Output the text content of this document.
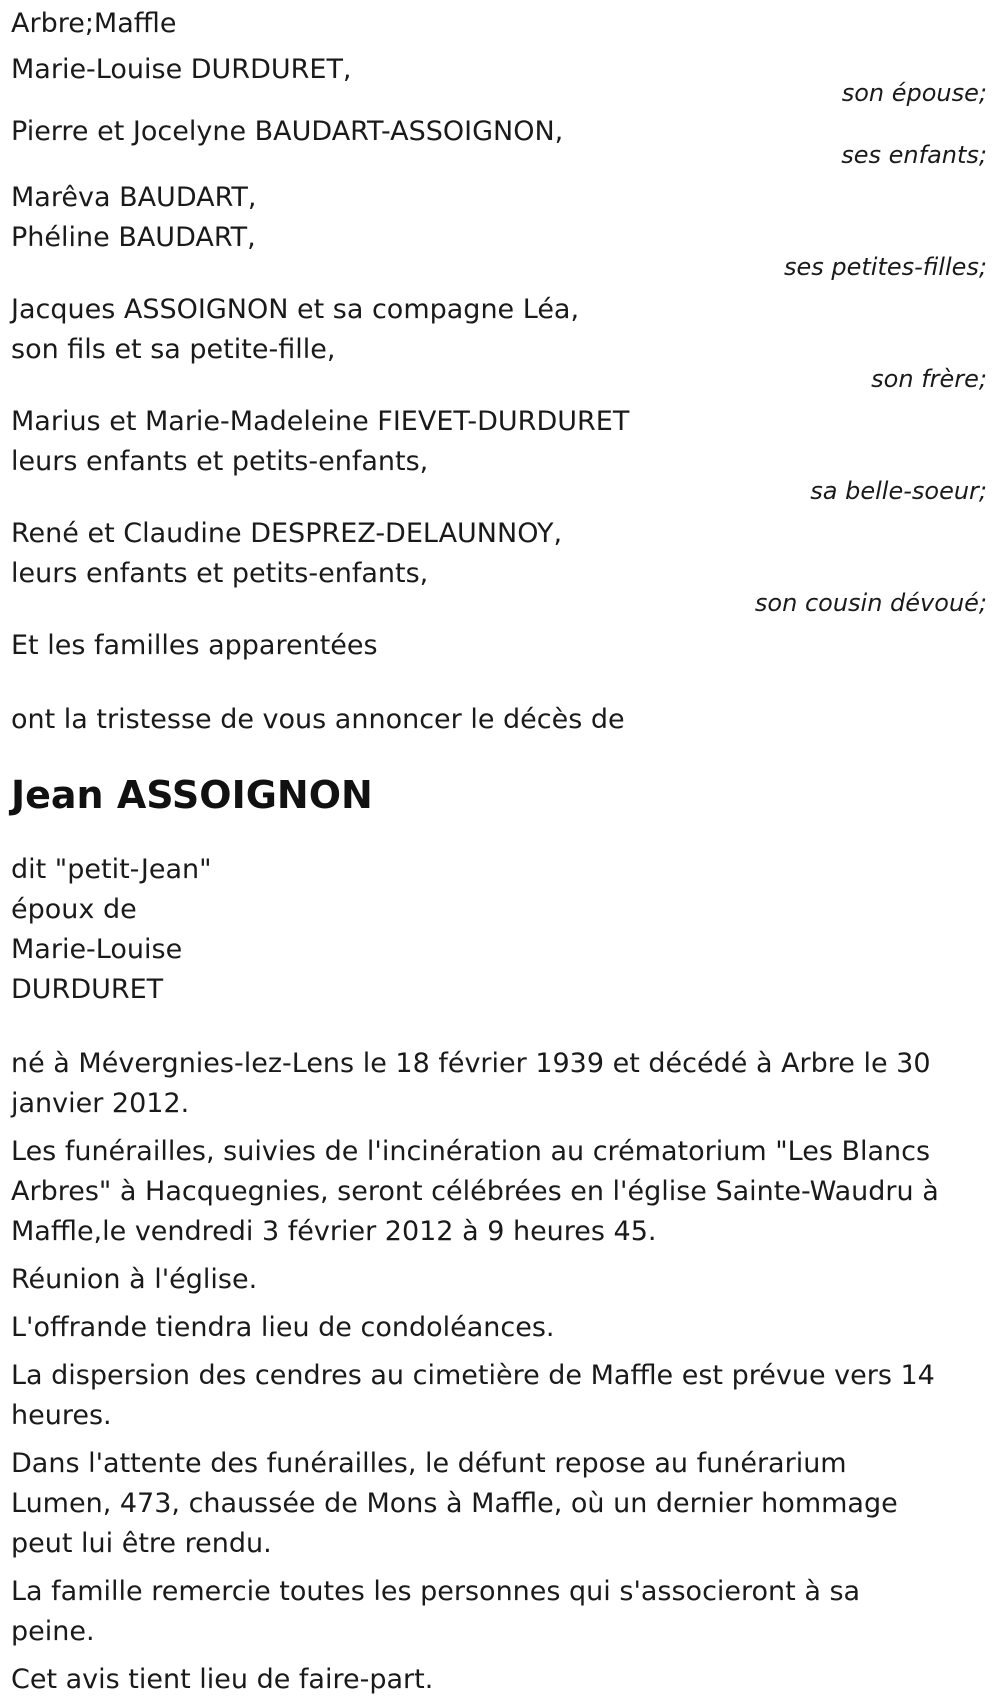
Arbre;Maffle

Marie-Louise DURDURET,

son épouse;

Pierre et Jocelyne BAUDART-ASSOIGNON,

ses enfants;

Marêva BAUDART,

Phéline BAUDART,

ses petites-filles;

Jacques ASSOIGNON et sa compagne Léa,

son fils et sa petite-fille,

son frère;

Marius et Marie-Madeleine FIEVET-DURDURET

leurs enfants et petits-enfants,

sa belle-soeur;

René et Claudine DESPREZ-DELAUNNOY,

leurs enfants et petits-enfants,

son cousin dévoué;

Et les familles apparentées

ont la tristesse de vous annoncer le décès de

Jean ASSOIGNON

dit "petit-Jean"

époux de

Marie-Louise

DURDURET

né à Mévergnies-lez-Lens le 18 février 1939 et décédé à Arbre le 30 janvier 2012.

Les funérailles, suivies de l'incinération au crématorium "Les Blancs Arbres" à Hacquegnies, seront célébrées en l'église Sainte-Waudru à Maffle,le vendredi 3 février 2012 à 9 heures 45.

Réunion à l'église.

L'offrande tiendra lieu de condoléances.

La dispersion des cendres au cimetière de Maffle est prévue vers 14 heures.

Dans l'attente des funérailles, le défunt repose au funérarium Lumen, 473, chaussée de Mons à Maffle, où un dernier hommage peut lui être rendu.

La famille remercie toutes les personnes qui s'associeront à sa peine.

Cet avis tient lieu de faire-part.
